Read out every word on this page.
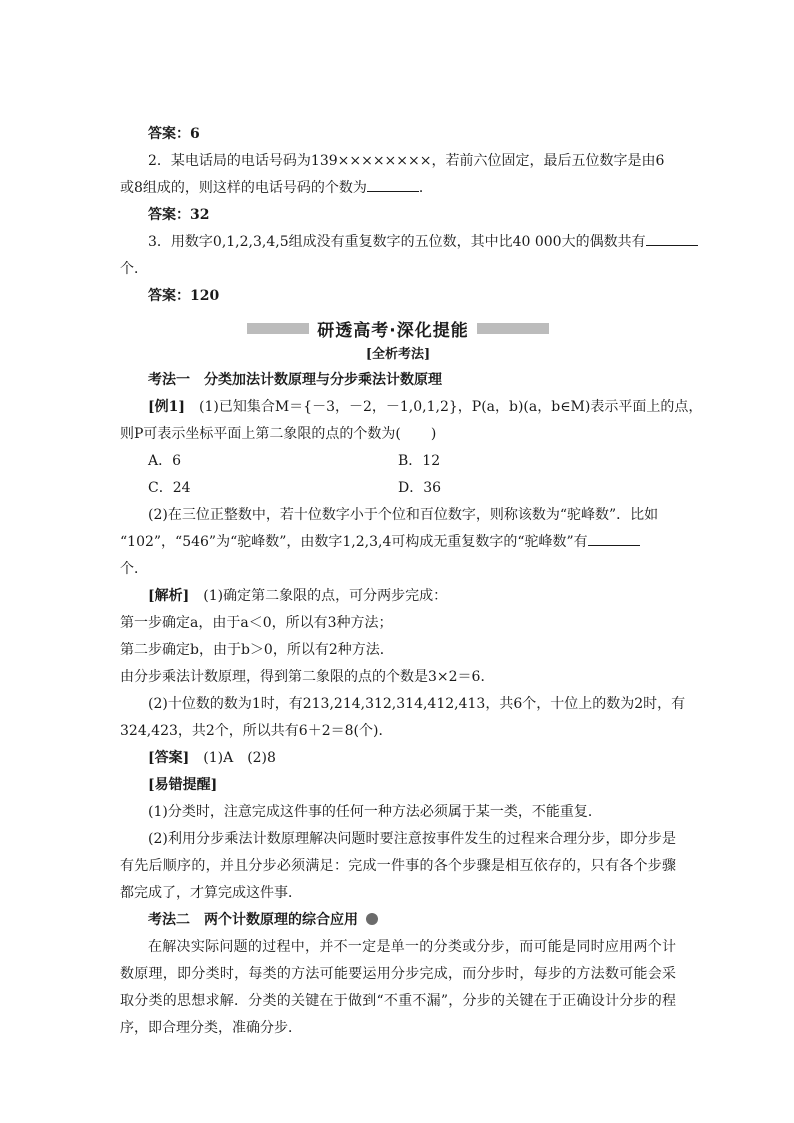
答案：6
2．某电话局的电话号码为139××××××××，若前六位固定，最后五位数字是由6
或8组成的，则这样的电话号码的个数为	．
答案：32
3．用数字0,1,2,3,4,5组成没有重复数字的五位数，其中比40 000大的偶数共有
个．
答案：120
研透高考·深化提能
[全析考法]
考法一　分类加法计数原理与分步乘法计数原理
[例1]　 (1)已知集合M＝{－3，－2，－1,0,1,2}，P(a，b)(a，b∈M)表示平面上的点，
则P可表示坐标平面上第二象限的点的个数为( )
A．6	B．12
C．24	D．36
(2)在三位正整数中，若十位数字小于个位和百位数字，则称该数为“驼峰数”．比如
“102”，“546”为“驼峰数”，由数字1,2,3,4可构成无重复数字的“驼峰数”有
个．
[解析]　 (1)确定第二象限的点，可分两步完成：
第一步确定a，由于a＜0，所以有3种方法；
第二步确定b，由于b＞0，所以有2种方法．
由分步乘法计数原理，得到第二象限的点的个数是3×2＝6．
(2)十位数的数为1时，有213,214,312,314,412,413，共6个，十位上的数为2时，有
324,423，共2个，所以共有6＋2＝8(个)．
[答案]　 (1)A　(2)8
[易错提醒]
(1)分类时，注意完成这件事的任何一种方法必须属于某一类，不能重复．
(2)利用分步乘法计数原理解决问题时要注意按事件发生的过程来合理分步，即分步是有先后顺序的，并且分步必须满足：完成一件事的各个步骤是相互依存的，只有各个步骤都完成了，才算完成这件事．
考法二　两个计数原理的综合应用
在解决实际问题的过程中，并不一定是单一的分类或分步，而可能是同时应用两个计数原理，即分类时，每类的方法可能要运用分步完成，而分步时，每步的方法数可能会采取分类的思想求解．分类的关键在于做到“不重不漏”，分步的关键在于正确设计分步的程序，即合理分类，准确分步．
